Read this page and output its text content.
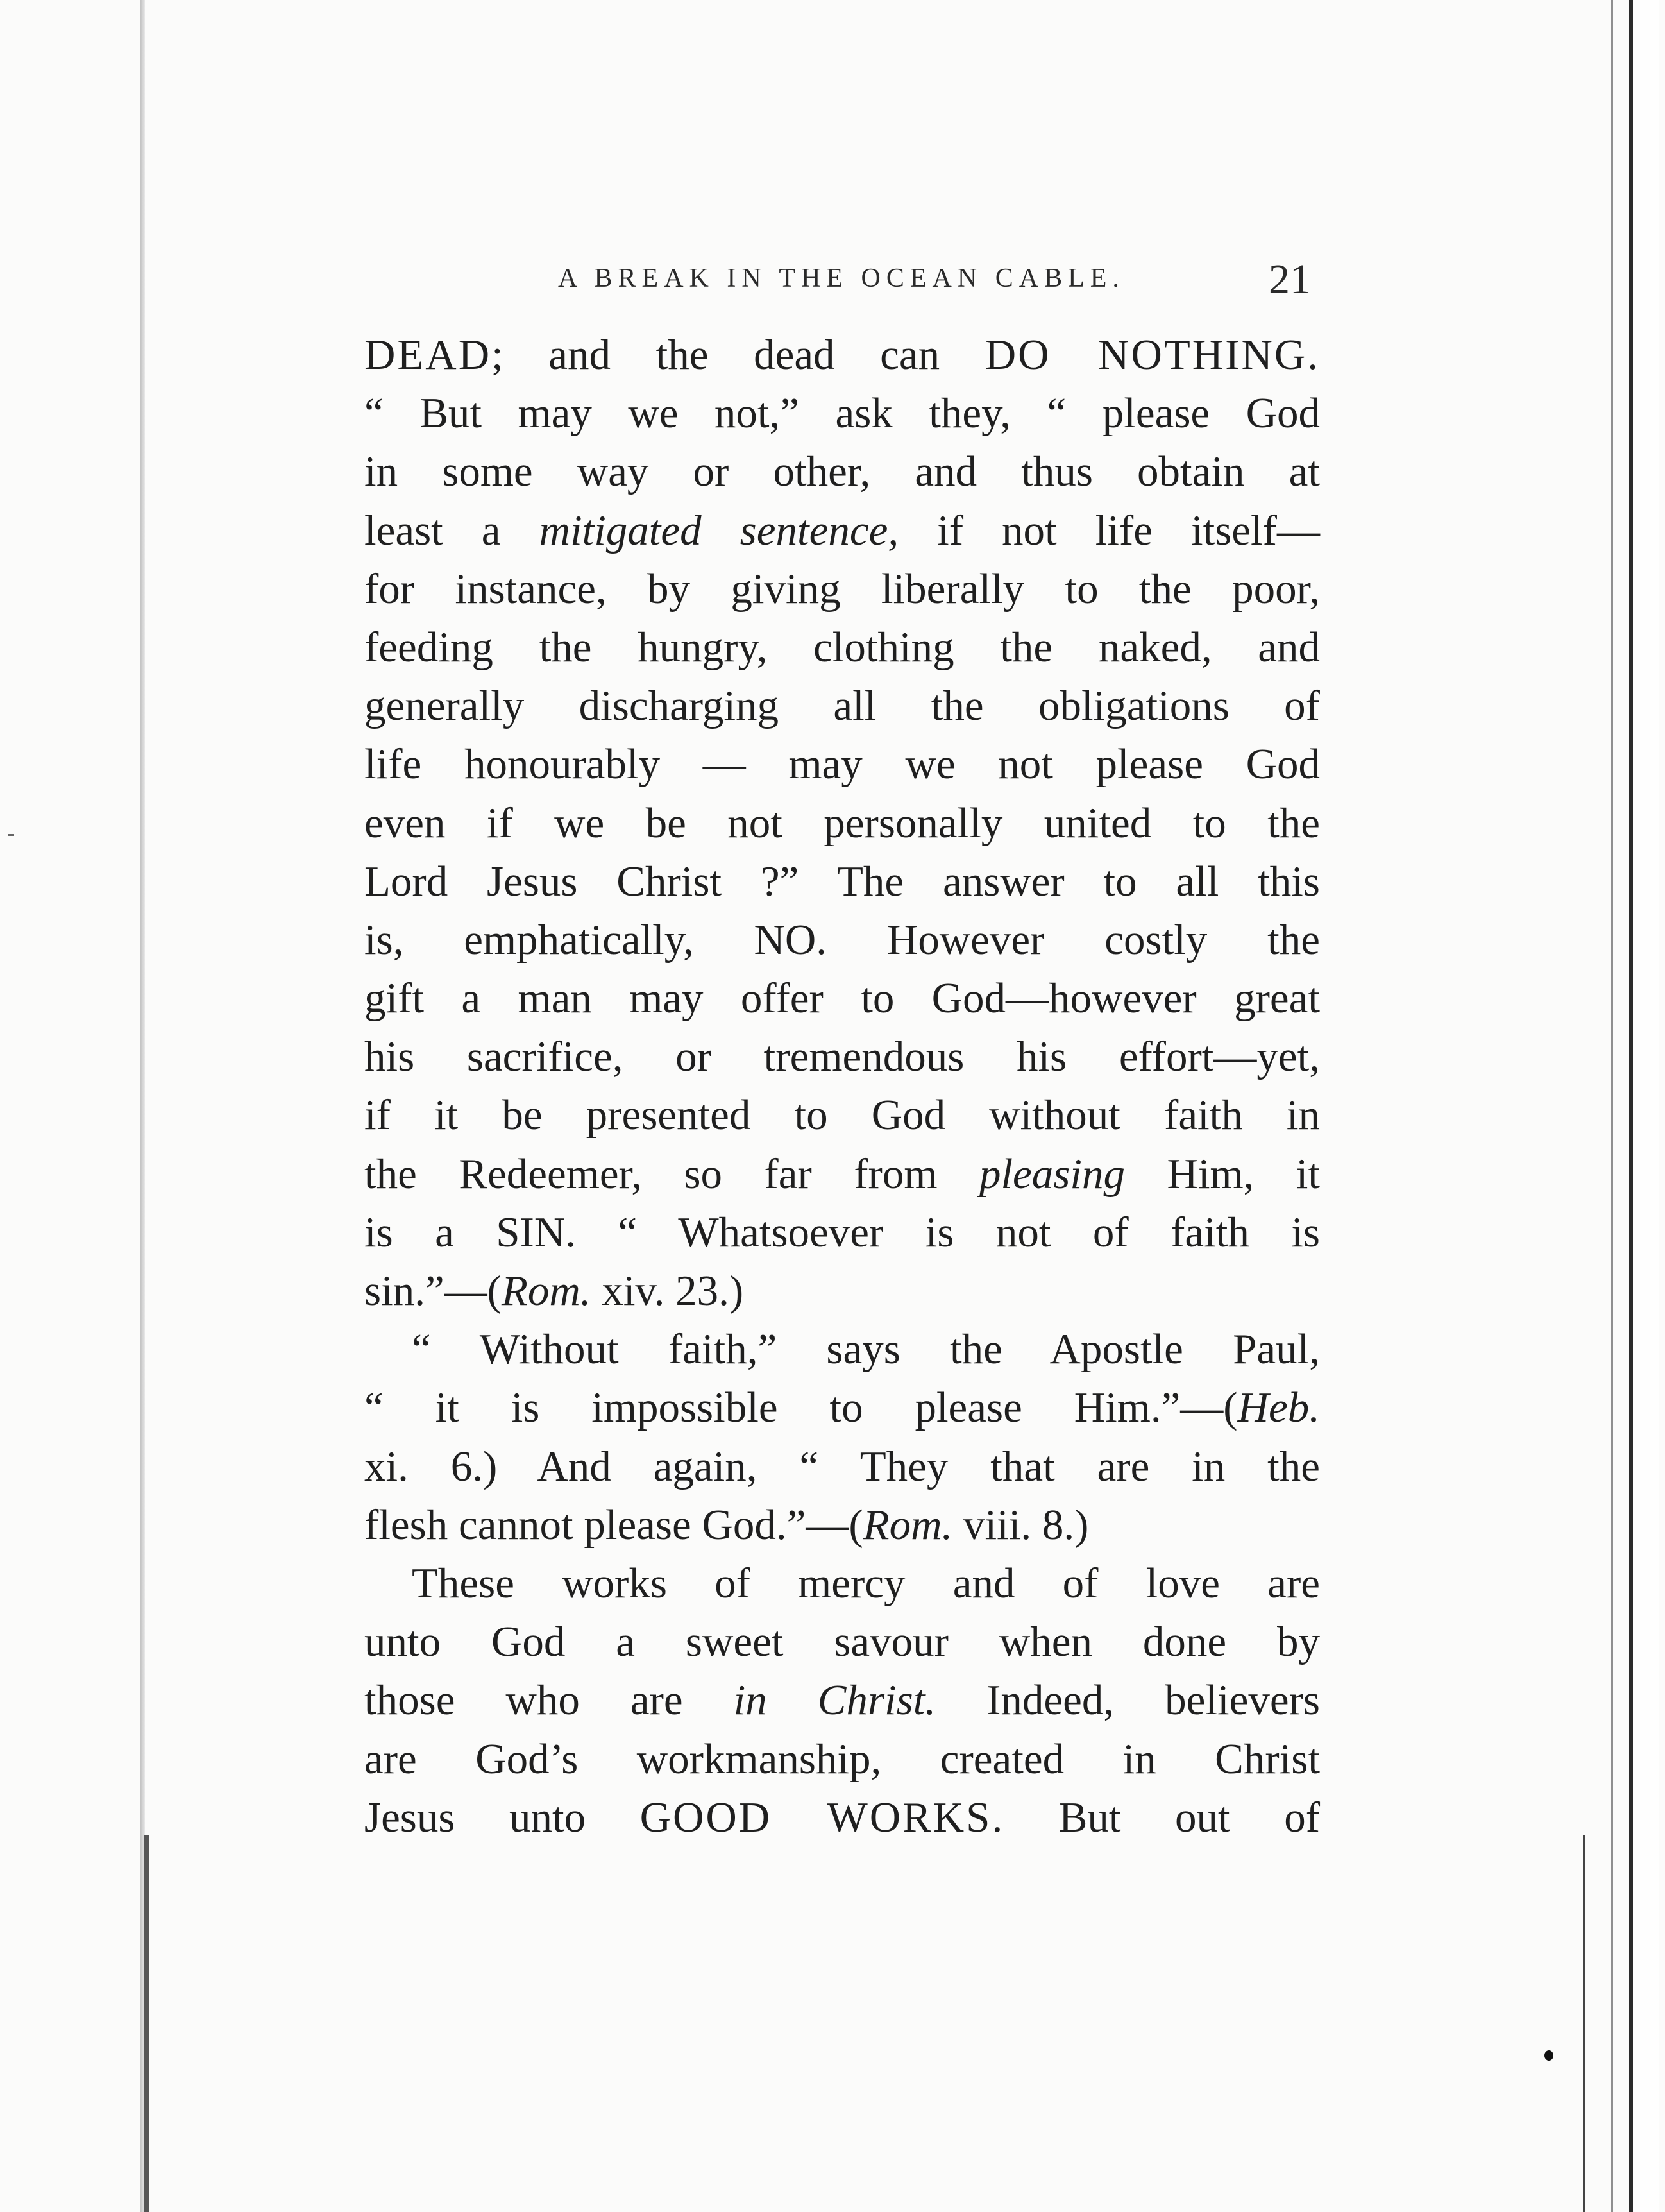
A BREAK IN THE OCEAN CABLE.	21
DEAD; and the dead can DO NOTHING.
“ But may we not,” ask they, “ please God
in some way or other, and thus obtain at
least a mitigated sentence, if not life itself—
for instance, by giving liberally to the poor,
feeding the hungry, clothing the naked, and
generally discharging all the obligations of
life honourably — may we not please God
even if we be not personally united to the
Lord Jesus Christ ?” The answer to all this
is, emphatically, NO. However costly the
gift a man may offer to God—however great
his sacrifice, or tremendous his effort—yet,
if it be presented to God without faith in
the Redeemer, so far from pleasing Him, it
is a SIN. “ Whatsoever is not of faith is
sin.”—(Rom. xiv. 23.)
“ Without faith,” says the Apostle Paul,
“ it is impossible to please Him.”—(Heb.
xi. 6.) And again, “ They that are in the
flesh cannot please God.”—(Rom. viii. 8.)
These works of mercy and of love are
unto God a sweet savour when done by
those who are in Christ. Indeed, believers
are God’s workmanship, created in Christ
Jesus unto GOOD WORKS. But out of
